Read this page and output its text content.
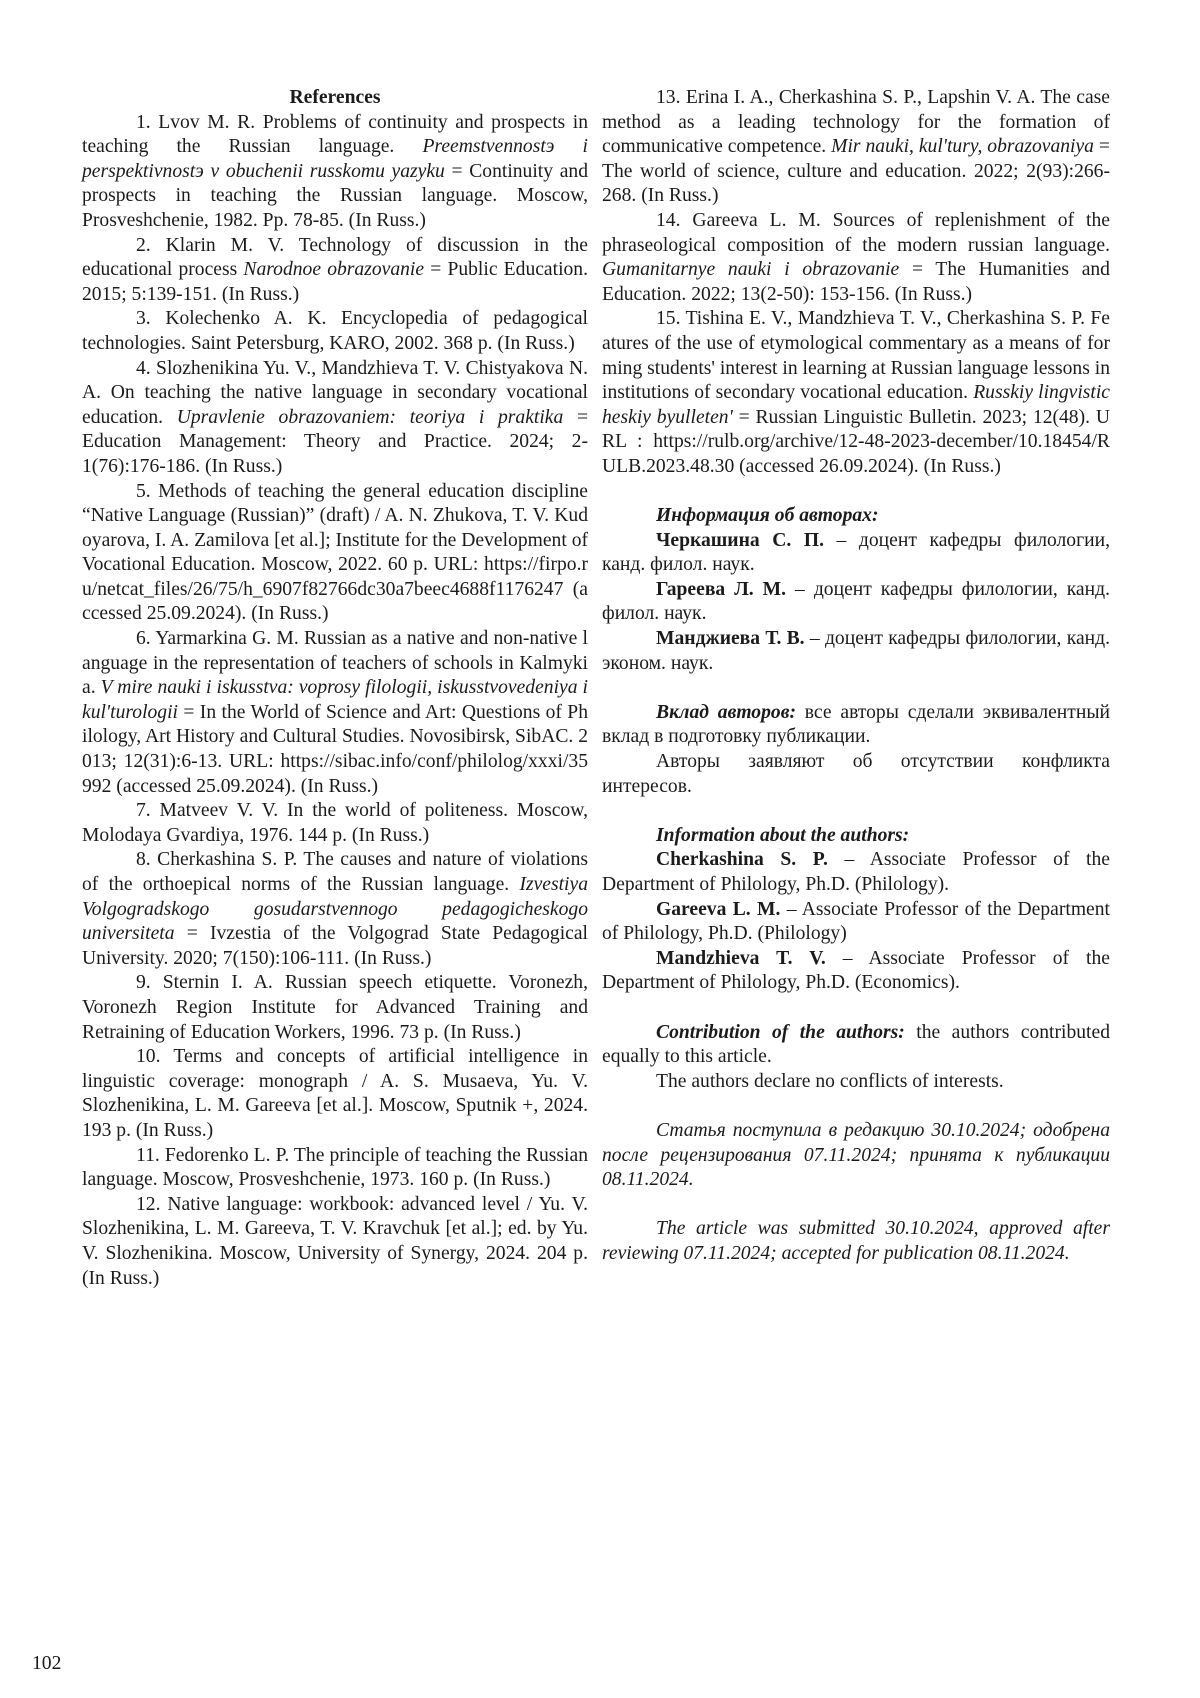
References

1. Lvov M. R. Problems of continuity and prospects in teaching the Russian language. Preemstvennostэ i perspektivnostэ v obuchenii russkomu yazyku = Continuity and prospects in teaching the Russian language. Moscow, Prosveshchenie, 1982. Pp. 78-85. (In Russ.)

2. Klarin M. V. Technology of discussion in the educational process Narodnoe obrazovanie = Public Education. 2015; 5:139-151. (In Russ.)

3. Kolechenko A. K. Encyclopedia of pedagogical technologies. Saint Petersburg, KARO, 2002. 368 p. (In Russ.)

4. Slozhenikina Yu. V., Mandzhieva T. V. Chistyakova N. A. On teaching the native language in secondary vocational education. Upravlenie obrazovaniem: teoriya i praktika = Education Management: Theory and Practice. 2024; 2-1(76):176-186. (In Russ.)

5. Methods of teaching the general education discipline “Native Language (Russian)” (draft) / A. N. Zhukova, T. V. Kudoyarova, I. A. Zamilova [et al.]; Institute for the Development of Vocational Education. Moscow, 2022. 60 p. URL: https://firpo.ru/netcat_files/26/75/h_6907f82766dc30a7beec4688f1176247 (accessed 25.09.2024). (In Russ.)

6. Yarmarkina G. M. Russian as a native and non-native language in the representation of teachers of schools in Kalmykia. V mire nauki i iskusstva: voprosy filologii, iskusstvovedeniya i kul'turologii = In the World of Science and Art: Questions of Philology, Art History and Cultural Studies. Novosibirsk, SibAC. 2013; 12(31):6-13. URL: https://sibac.info/conf/philolog/xxxi/35992 (accessed 25.09.2024). (In Russ.)

7. Matveev V. V. In the world of politeness. Moscow, Molodaya Gvardiya, 1976. 144 p. (In Russ.)

8. Cherkashina S. P. The causes and nature of violations of the orthoepical norms of the Russian language. Izvestiya Volgogradskogo gosudarstvennogo pedagogicheskogo universiteta = Ivzestia of the Volgograd State Pedagogical University. 2020; 7(150):106-111. (In Russ.)

9. Sternin I. A. Russian speech etiquette. Voronezh, Voronezh Region Institute for Advanced Training and Retraining of Education Workers, 1996. 73 p. (In Russ.)

10. Terms and concepts of artificial intelligence in linguistic coverage: monograph / A. S. Musaeva, Yu. V. Slozhenikina, L. M. Gareeva [et al.]. Moscow, Sputnik +, 2024. 193 p. (In Russ.)

11. Fedorenko L. P. The principle of teaching the Russian language. Moscow, Prosveshchenie, 1973. 160 p. (In Russ.)

12. Native language: workbook: advanced level / Yu. V. Slozhenikina, L. M. Gareeva, T. V. Kravchuk [et al.]; ed. by Yu. V. Slozhenikina. Moscow, University of Synergy, 2024. 204 p. (In Russ.)

13. Erina I. A., Cherkashina S. P., Lapshin V. A. The case method as a leading technology for the formation of communicative competence. Mir nauki, kul'tury, obrazovaniya = The world of science, culture and education. 2022; 2(93):266-268. (In Russ.)

14. Gareeva L. M. Sources of replenishment of the phraseological composition of the modern russian language. Gumanitarnye nauki i obrazovanie = The Humanities and Education. 2022; 13(2-50): 153-156. (In Russ.)

15. Tishina E. V., Mandzhieva T. V., Cherkashina S. P. Features of the use of etymological commentary as a means of forming students' interest in learning at Russian language lessons in institutions of secondary vocational education. Russkiy lingvisticheskiy byulleten' = Russian Linguistic Bulletin. 2023; 12(48). URL : https://rulb.org/archive/12-48-2023-december/10.18454/RULB.2023.48.30 (accessed 26.09.2024). (In Russ.)

Информация об авторах:

Черкашина С. П. – доцент кафедры филологии, канд. филол. наук.

Гареева Л. М. – доцент кафедры филологии, канд. филол. наук.

Манджиева Т. В. – доцент кафедры филологии, канд. эконом. наук.

Вклад авторов: все авторы сделали эквивалентный вклад в подготовку публикации.

Авторы заявляют об отсутствии конфликта интересов.

Information about the authors:

Cherkashina S. P. – Associate Professor of the Department of Philology, Ph.D. (Philology).

Gareeva L. M. – Associate Professor of the Department of Philology, Ph.D. (Philology)

Mandzhieva T. V. – Associate Professor of the Department of Philology, Ph.D. (Economics).

Contribution of the authors: the authors contributed equally to this article.

The authors declare no conflicts of interests.

Статья поступила в редакцию 30.10.2024; одобрена после рецензирования 07.11.2024; принята к публикации 08.11.2024.

The article was submitted 30.10.2024, approved after reviewing 07.11.2024; accepted for publication 08.11.2024.

102
